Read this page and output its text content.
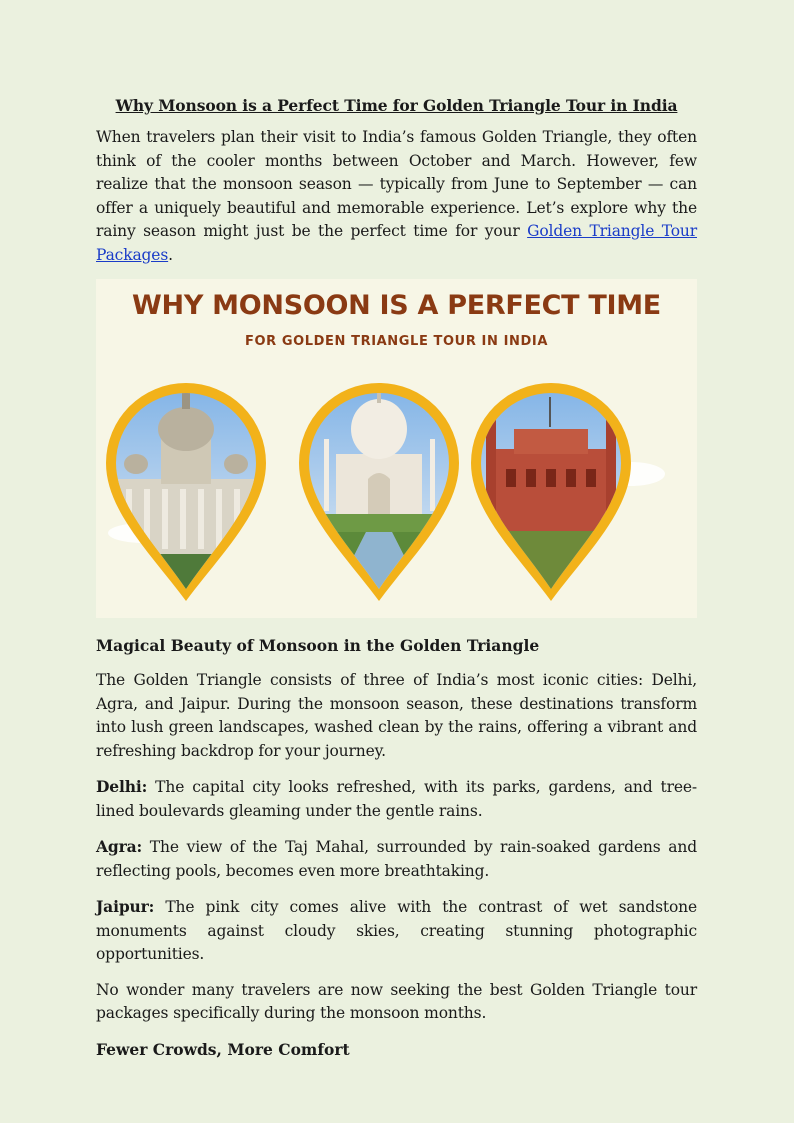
Why Monsoon is a Perfect Time for Golden Triangle Tour in India

When travelers plan their visit to India’s famous Golden Triangle, they often think of the cooler months between October and March. However, few realize that the monsoon season — typically from June to September — can offer a uniquely beautiful and memorable experience. Let’s explore why the rainy season might just be the perfect time for your Golden Triangle Tour Packages.

WHY MONSOON IS A PERFECT TIME
FOR GOLDEN TRIANGLE TOUR IN INDIA
Magical Beauty of Monsoon in the Golden Triangle

The Golden Triangle consists of three of India’s most iconic cities: Delhi, Agra, and Jaipur. During the monsoon season, these destinations transform into lush green landscapes, washed clean by the rains, offering a vibrant and refreshing backdrop for your journey.

Delhi: The capital city looks refreshed, with its parks, gardens, and tree-lined boulevards gleaming under the gentle rains.

Agra: The view of the Taj Mahal, surrounded by rain-soaked gardens and reflecting pools, becomes even more breathtaking.

Jaipur: The pink city comes alive with the contrast of wet sandstone monuments against cloudy skies, creating stunning photographic opportunities.

No wonder many travelers are now seeking the best Golden Triangle tour packages specifically during the monsoon months.

Fewer Crowds, More Comfort
